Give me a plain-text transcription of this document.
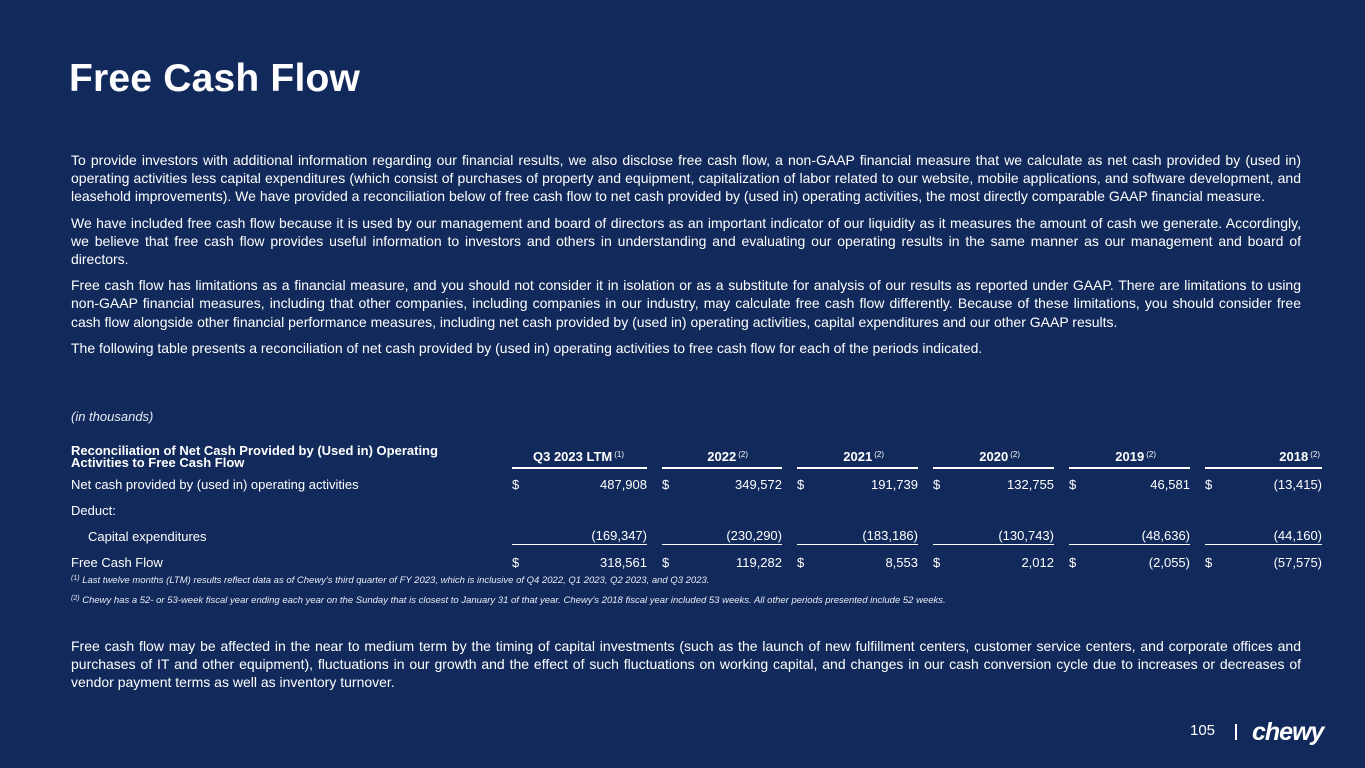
Free Cash Flow

To provide investors with additional information regarding our financial results, we also disclose free cash flow, a non-GAAP financial measure that we calculate as net cash provided by (used in) operating activities less capital expenditures (which consist of purchases of property and equipment, capitalization of labor related to our website, mobile applications, and software development, and leasehold improvements). We have provided a reconciliation below of free cash flow to net cash provided by (used in) operating activities, the most directly comparable GAAP financial measure.

We have included free cash flow because it is used by our management and board of directors as an important indicator of our liquidity as it measures the amount of cash we generate. Accordingly, we believe that free cash flow provides useful information to investors and others in understanding and evaluating our operating results in the same manner as our management and board of directors.

Free cash flow has limitations as a financial measure, and you should not consider it in isolation or as a substitute for analysis of our results as reported under GAAP. There are limitations to using non-GAAP financial measures, including that other companies, including companies in our industry, may calculate free cash flow differently. Because of these limitations, you should consider free cash flow alongside other financial performance measures, including net cash provided by (used in) operating activities, capital expenditures and our other GAAP results.

The following table presents a reconciliation of net cash provided by (used in) operating activities to free cash flow for each of the periods indicated.

(in thousands)
Reconciliation of Net Cash Provided by (Used in) Operating
Activities to Free Cash Flow	Q3 2023 LTM $^{(1)}$	2022 $^{(2)}$	2021 $^{(2)}$	2020 $^{(2)}$	2019 $^{(2)}$	2018 $^{(2)}$

Net cash provided by (used in) operating activities	$ 487,908	$ 349,572	$ 191,739	$ 132,755	$ 46,581	$ (13,415)

Deduct:						
Capital expenditures	(169,347)	(230,290)	(183,186)	(130,743)	(48,636)	(44,160)

Free Cash Flow	$ 318,561	$ 119,282	$ 8,553	$ 2,012	$ (2,055)	$ (57,575)
$^{(1)}$ Last twelve months (LTM) results reflect data as of Chewy's third quarter of FY 2023, which is inclusive of Q4 2022, Q1 2023, Q2 2023, and Q3 2023.
$^{(2)}$ Chewy has a 52- or 53-week fiscal year ending each year on the Sunday that is closest to January 31 of that year. Chewy's 2018 fiscal year included 53 weeks. All other periods presented include 52 weeks.
Free cash flow may be affected in the near to medium term by the timing of capital investments (such as the launch of new fulfillment centers, customer service centers, and corporate offices and purchases of IT and other equipment), fluctuations in our growth and the effect of such fluctuations on working capital, and changes in our cash conversion cycle due to increases or decreases of vendor payment terms as well as inventory turnover.
105 chewy
